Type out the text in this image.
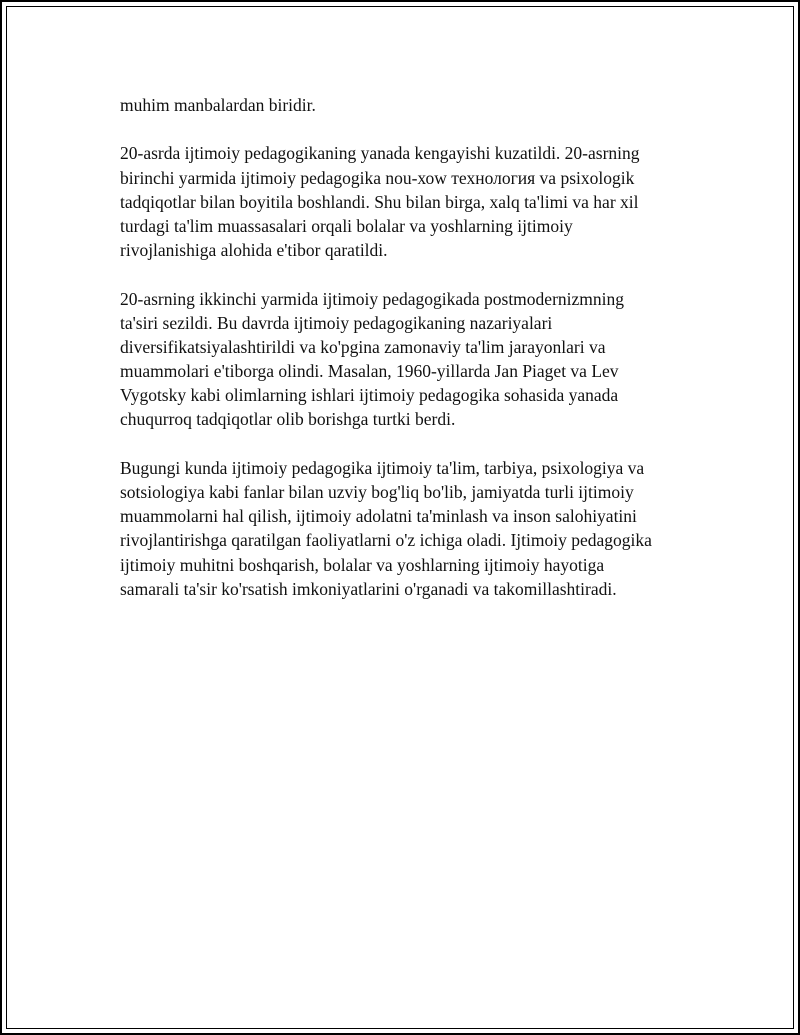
muhim manbalardan biridir.
20-asrda ijtimoiy pedagogikaning yanada kengayishi kuzatildi. 20-asrning
birinchi yarmida ijtimoiy pedagogika nou-хоw технология va psixologik
tadqiqotlar bilan boyitila boshlandi. Shu bilan birga, xalq ta'limi va har xil
turdagi ta'lim muassasalari orqali bolalar va yoshlarning ijtimoiy
rivojlanishiga alohida e'tibor qaratildi.
20-asrning ikkinchi yarmida ijtimoiy pedagogikada postmodernizmning
ta'siri sezildi. Bu davrda ijtimoiy pedagogikaning nazariyalari
diversifikatsiyalashtirildi va ko'pgina zamonaviy ta'lim jarayonlari va
muammolari e'tiborga olindi. Masalan, 1960-yillarda Jan Piaget va Lev
Vygotsky kabi olimlarning ishlari ijtimoiy pedagogika sohasida yanada
chuqurroq tadqiqotlar olib borishga turtki berdi.
Bugungi kunda ijtimoiy pedagogika ijtimoiy ta'lim, tarbiya, psixologiya va
sotsiologiya kabi fanlar bilan uzviy bog'liq bo'lib, jamiyatda turli ijtimoiy
muammolarni hal qilish, ijtimoiy adolatni ta'minlash va inson salohiyatini
rivojlantirishga qaratilgan faoliyatlarni o'z ichiga oladi. Ijtimoiy pedagogika
ijtimoiy muhitni boshqarish, bolalar va yoshlarning ijtimoiy hayotiga
samarali ta'sir ko'rsatish imkoniyatlarini o'rganadi va takomillashtiradi.
